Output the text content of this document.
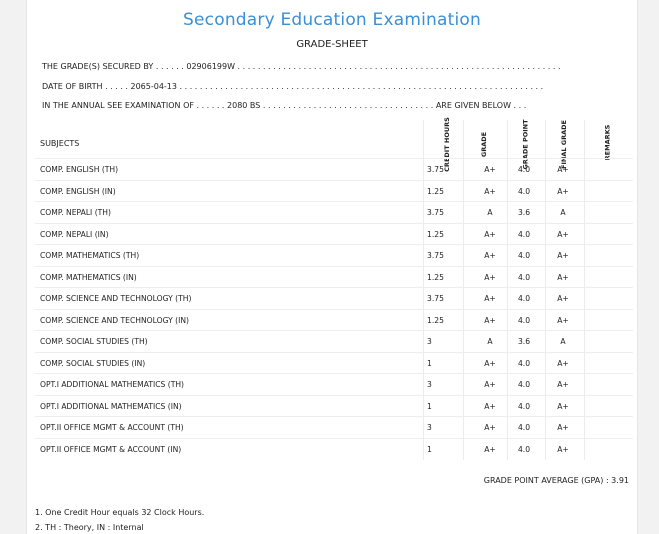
Secondary Education Examination
GRADE-SHEET
THE GRADE(S) SECURED BY . . . . . . 02906199W . . . . . . . . . . . . . . . . . . . . . . . . . . . . . . . . . . . . . . . . . . . . . . . . . . . . . . . . . . . . . . . .
DATE OF BIRTH . . . . . 2065-04-13 . . . . . . . . . . . . . . . . . . . . . . . . . . . . . . . . . . . . . . . . . . . . . . . . . . . . . . . . . . . . . . . . . . . . . . . .
IN THE ANNUAL SEE EXAMINATION OF . . . . . . 2080 BS . . . . . . . . . . . . . . . . . . . . . . . . . . . . . . . . . . ARE GIVEN BELOW . . .
SUBJECTS	CREDIT HOURS	GRADE	GRADE POINT	FINAL GRADE	REMARKS
COMP. ENGLISH (TH)	3.75	A+	4.0	A+
COMP. ENGLISH (IN)	1.25	A+	4.0	A+
COMP. NEPALI (TH)	3.75	A	3.6	A
COMP. NEPALI (IN)	1.25	A+	4.0	A+
COMP. MATHEMATICS (TH)	3.75	A+	4.0	A+
COMP. MATHEMATICS (IN)	1.25	A+	4.0	A+
COMP. SCIENCE AND TECHNOLOGY (TH)	3.75	A+	4.0	A+
COMP. SCIENCE AND TECHNOLOGY (IN)	1.25	A+	4.0	A+
COMP. SOCIAL STUDIES (TH)	3	A	3.6	A
COMP. SOCIAL STUDIES (IN)	1	A+	4.0	A+
OPT.I ADDITIONAL MATHEMATICS (TH)	3	A+	4.0	A+
OPT.I ADDITIONAL MATHEMATICS (IN)	1	A+	4.0	A+
OPT.II OFFICE MGMT & ACCOUNT (TH)	3	A+	4.0	A+
OPT.II OFFICE MGMT & ACCOUNT (IN)	1	A+	4.0	A+
GRADE POINT AVERAGE (GPA) : 3.91
1. One Credit Hour equals 32 Clock Hours.
2. TH : Theory, IN : Internal
